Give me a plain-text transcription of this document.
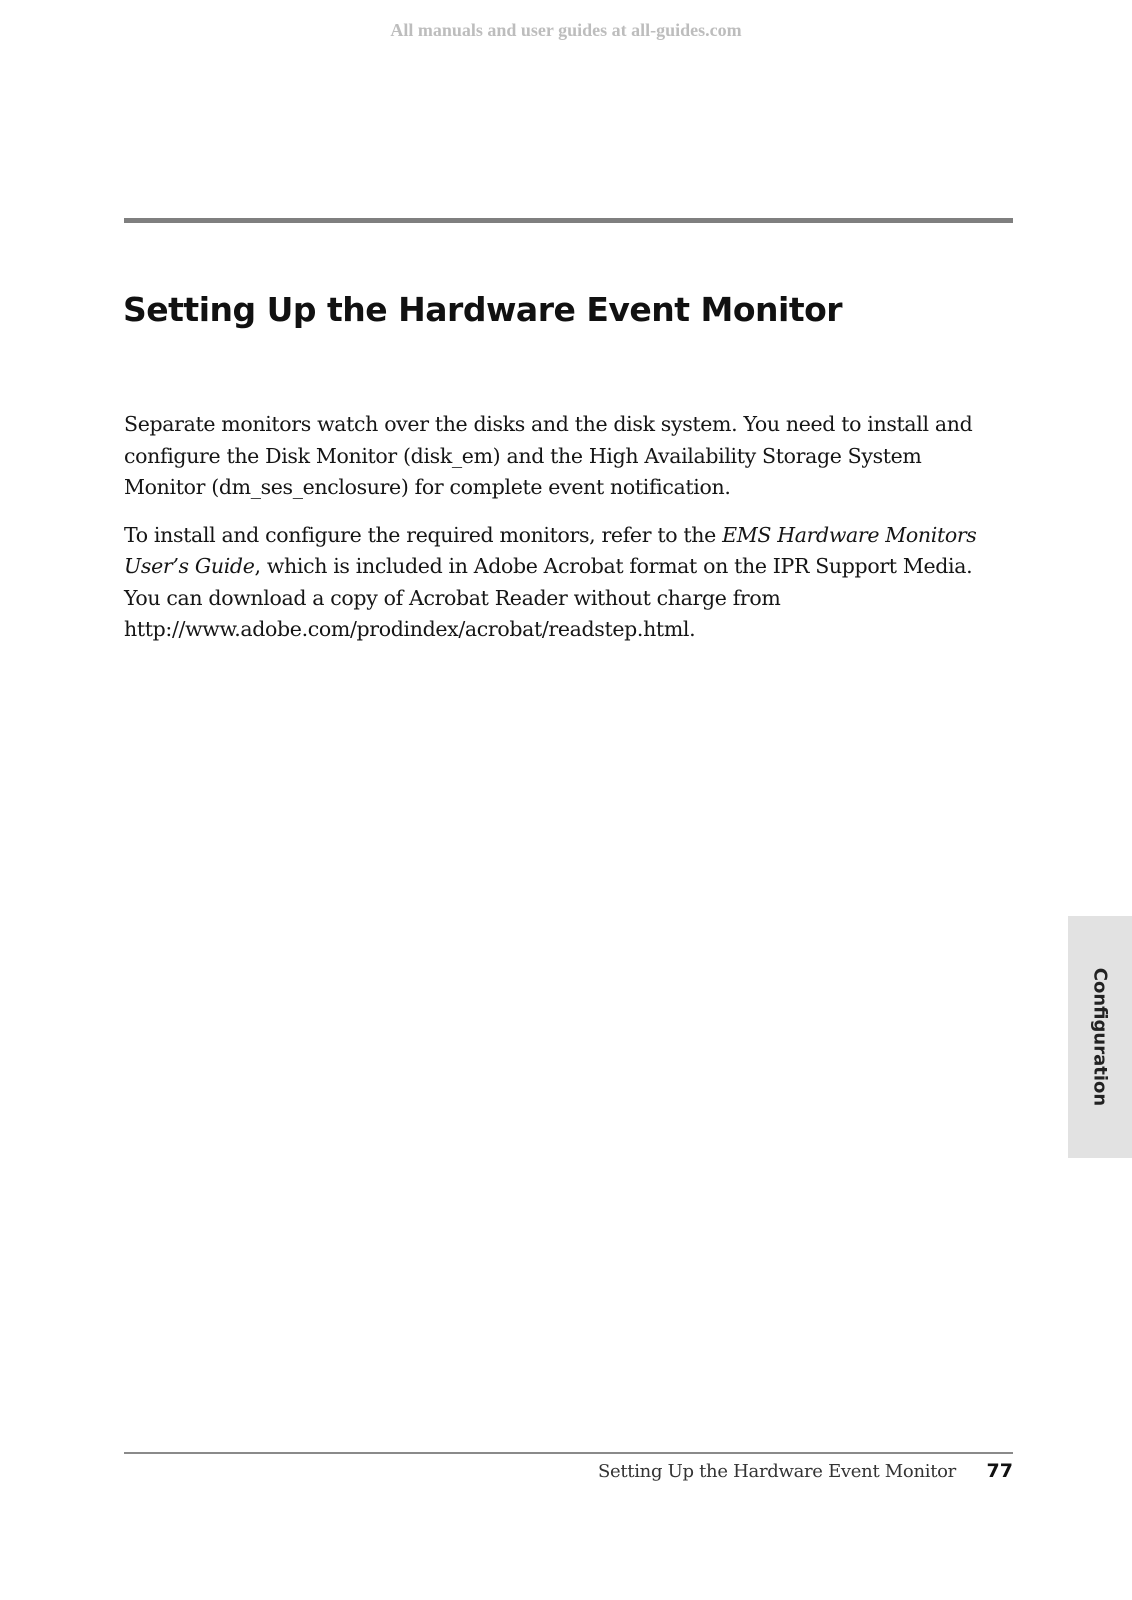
All manuals and user guides at all-guides.com
Setting Up the Hardware Event Monitor

Separate monitors watch over the disks and the disk system. You need to install and configure the Disk Monitor (disk_em) and the High Availability Storage System Monitor (dm_ses_enclosure) for complete event notification.

To install and configure the required monitors, refer to the EMS Hardware Monitors User’s Guide, which is included in Adobe Acrobat format on the IPR Support Media. You can download a copy of Acrobat Reader without charge from http://www.adobe.com/prodindex/acrobat/readstep.html.

Configuration
Setting Up the Hardware Event Monitor 77
